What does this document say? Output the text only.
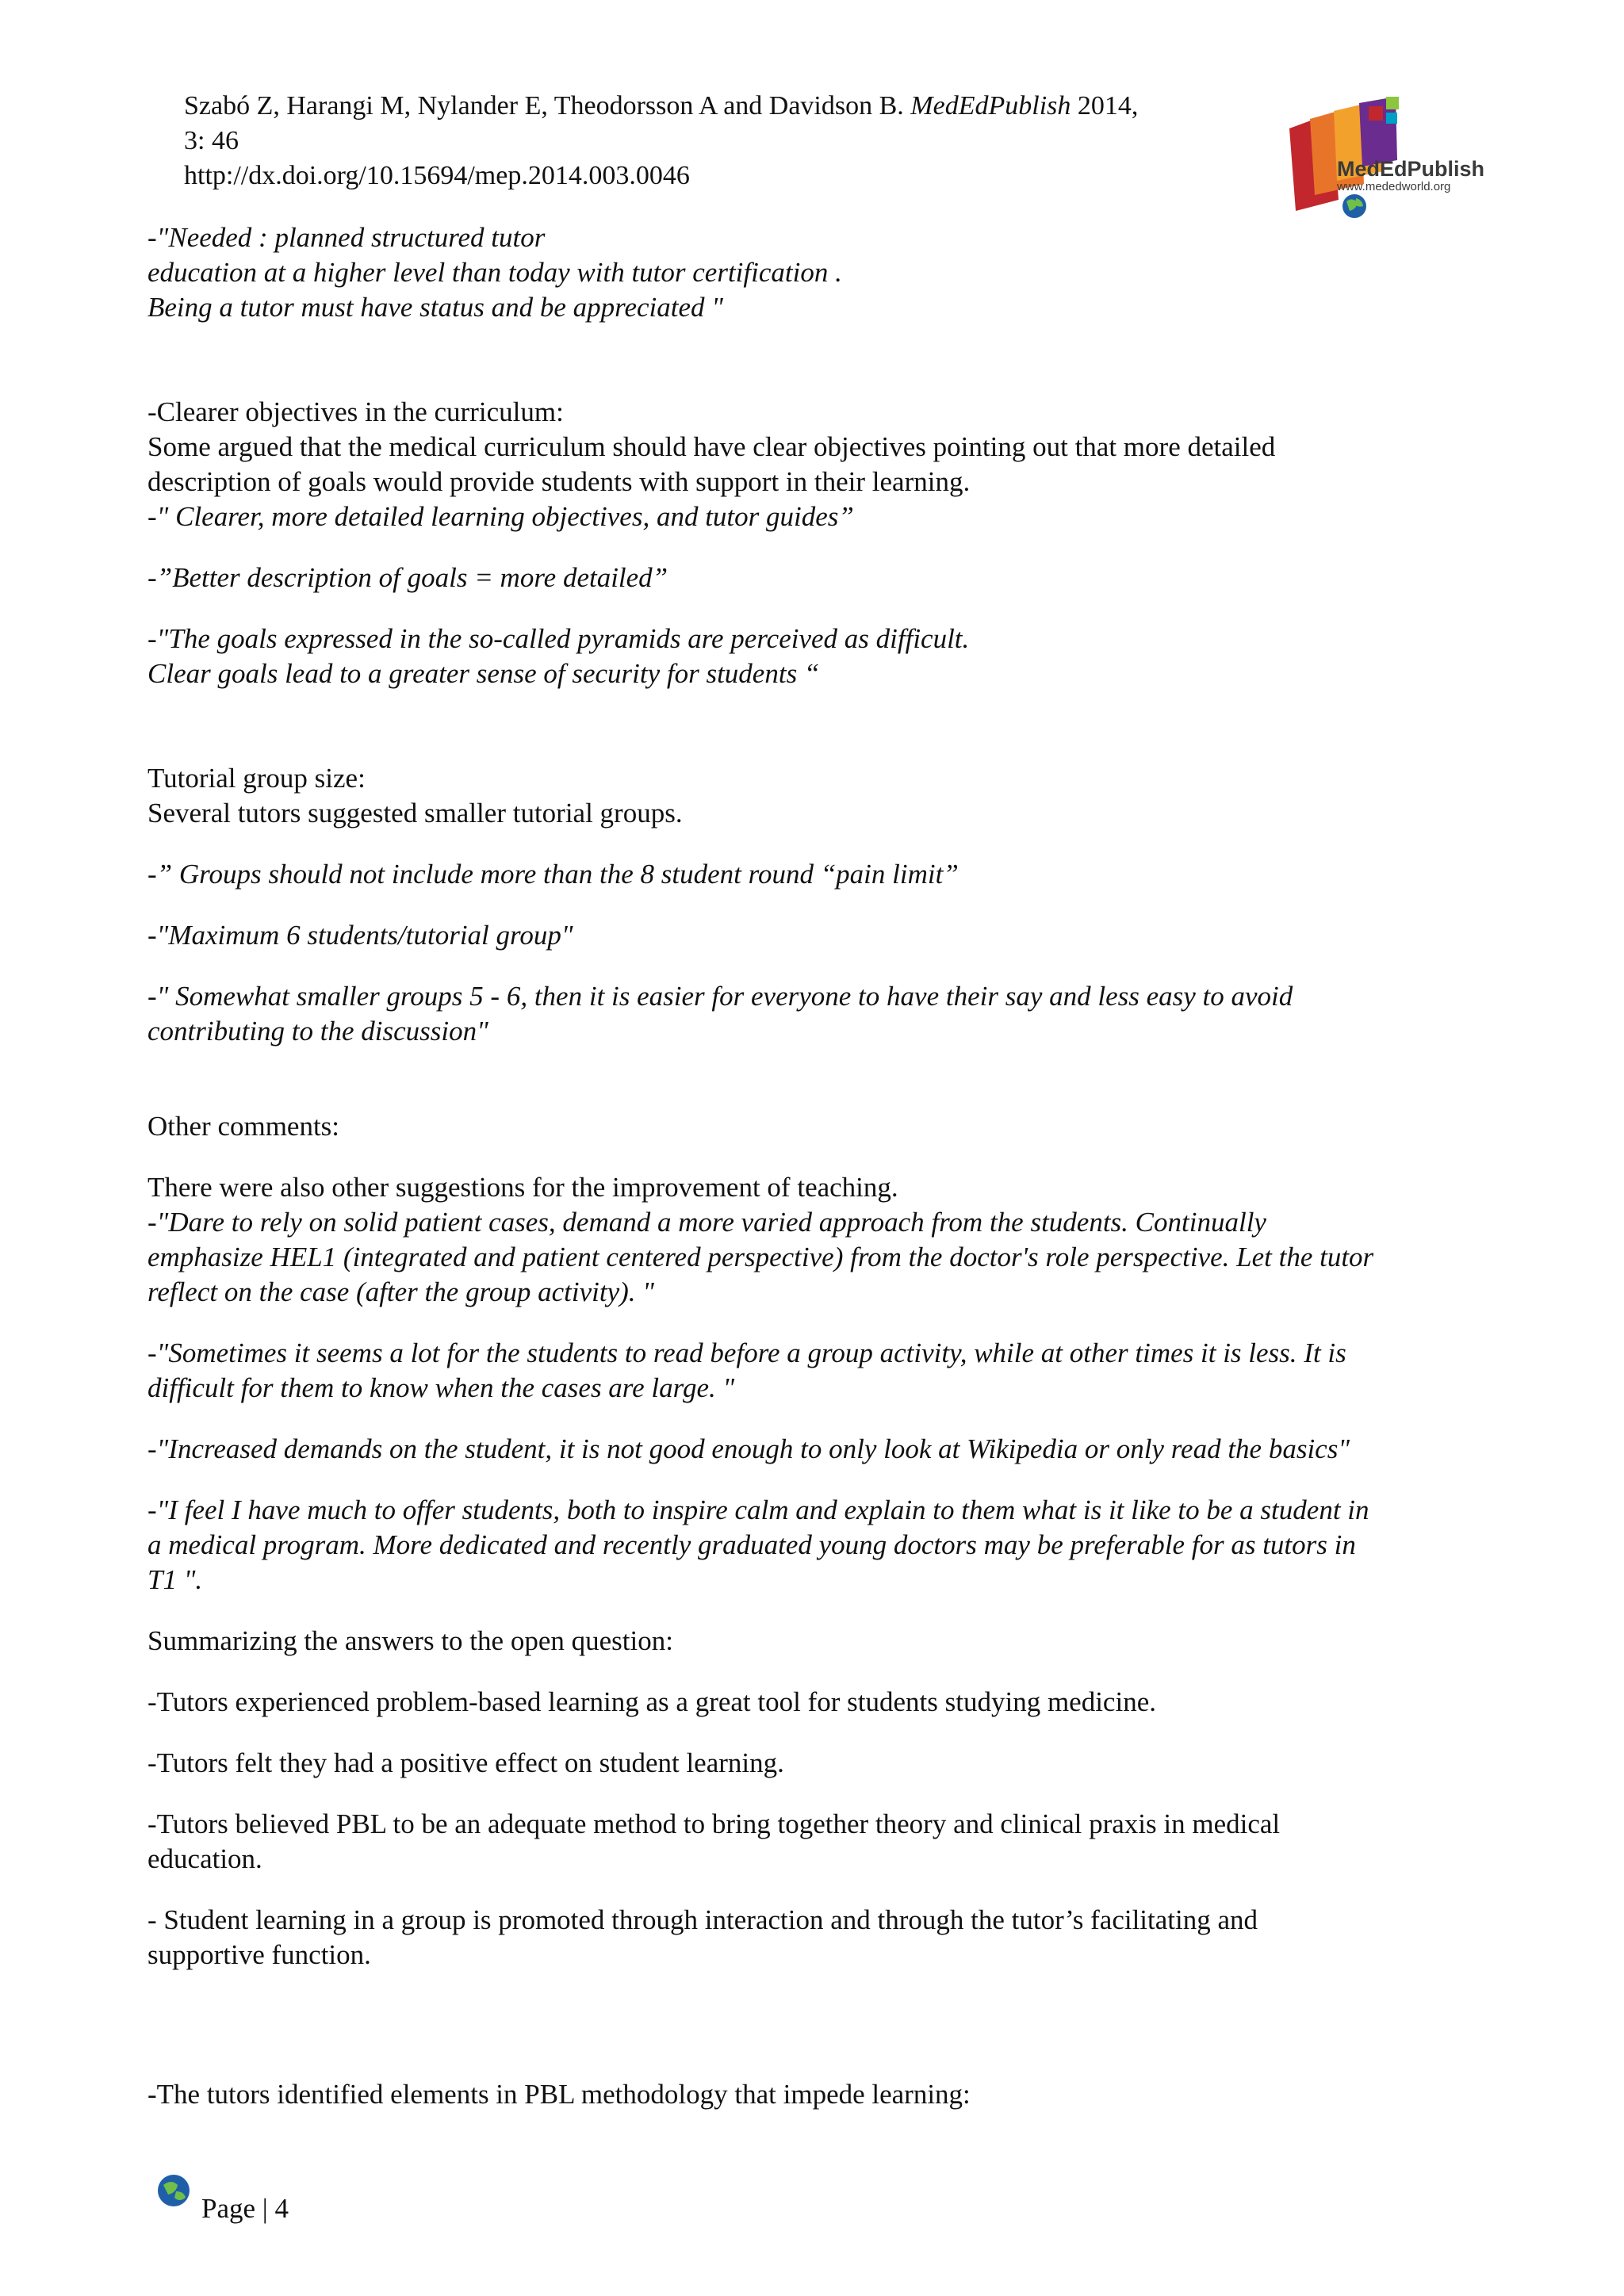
Szabó Z, Harangi M, Nylander E, Theodorsson A and Davidson B. MedEdPublish 2014,
3: 46
http://dx.doi.org/10.15694/mep.2014.003.0046	MedEdPublish
www.mededworld.org

-"Needed : planned structured tutor
education at a higher level than today with tutor certification .
Being a tutor must have status and be appreciated "

-Clearer objectives in the curriculum:
Some argued that the medical curriculum should have clear objectives pointing out that more detailed
description of goals would provide students with support in their learning.

-" Clearer, more detailed learning objectives, and tutor guides”

-”Better description of goals = more detailed”

-"The goals expressed in the so-called pyramids are perceived as difficult.
Clear goals lead to a greater sense of security for students “

Tutorial group size:
Several tutors suggested smaller tutorial groups.

-” Groups should not include more than the 8 student round “pain limit”

-"Maximum 6 students/tutorial group"

-" Somewhat smaller groups 5 - 6, then it is easier for everyone to have their say and less easy to avoid
contributing to the discussion"

Other comments:

There were also other suggestions for the improvement of teaching.

-"Dare to rely on solid patient cases, demand a more varied approach from the students. Continually
emphasize HEL1 (integrated and patient centered perspective) from the doctor's role perspective. Let the tutor
reflect on the case (after the group activity). "

-"Sometimes it seems a lot for the students to read before a group activity, while at other times it is less. It is
difficult for them to know when the cases are large. "

-"Increased demands on the student, it is not good enough to only look at Wikipedia or only read the basics"

-"I feel I have much to offer students, both to inspire calm and explain to them what is it like to be a student in
a medical program. More dedicated and recently graduated young doctors may be preferable for as tutors in
T1 ".

Summarizing the answers to the open question:

-Tutors experienced problem-based learning as a great tool for students studying medicine.

-Tutors felt they had a positive effect on student learning.

-Tutors believed PBL to be an adequate method to bring together theory and clinical praxis in medical
education.

- Student learning in a group is promoted through interaction and through the tutor’s facilitating and
supportive function.

-The tutors identified elements in PBL methodology that impede learning:

Page | 4
